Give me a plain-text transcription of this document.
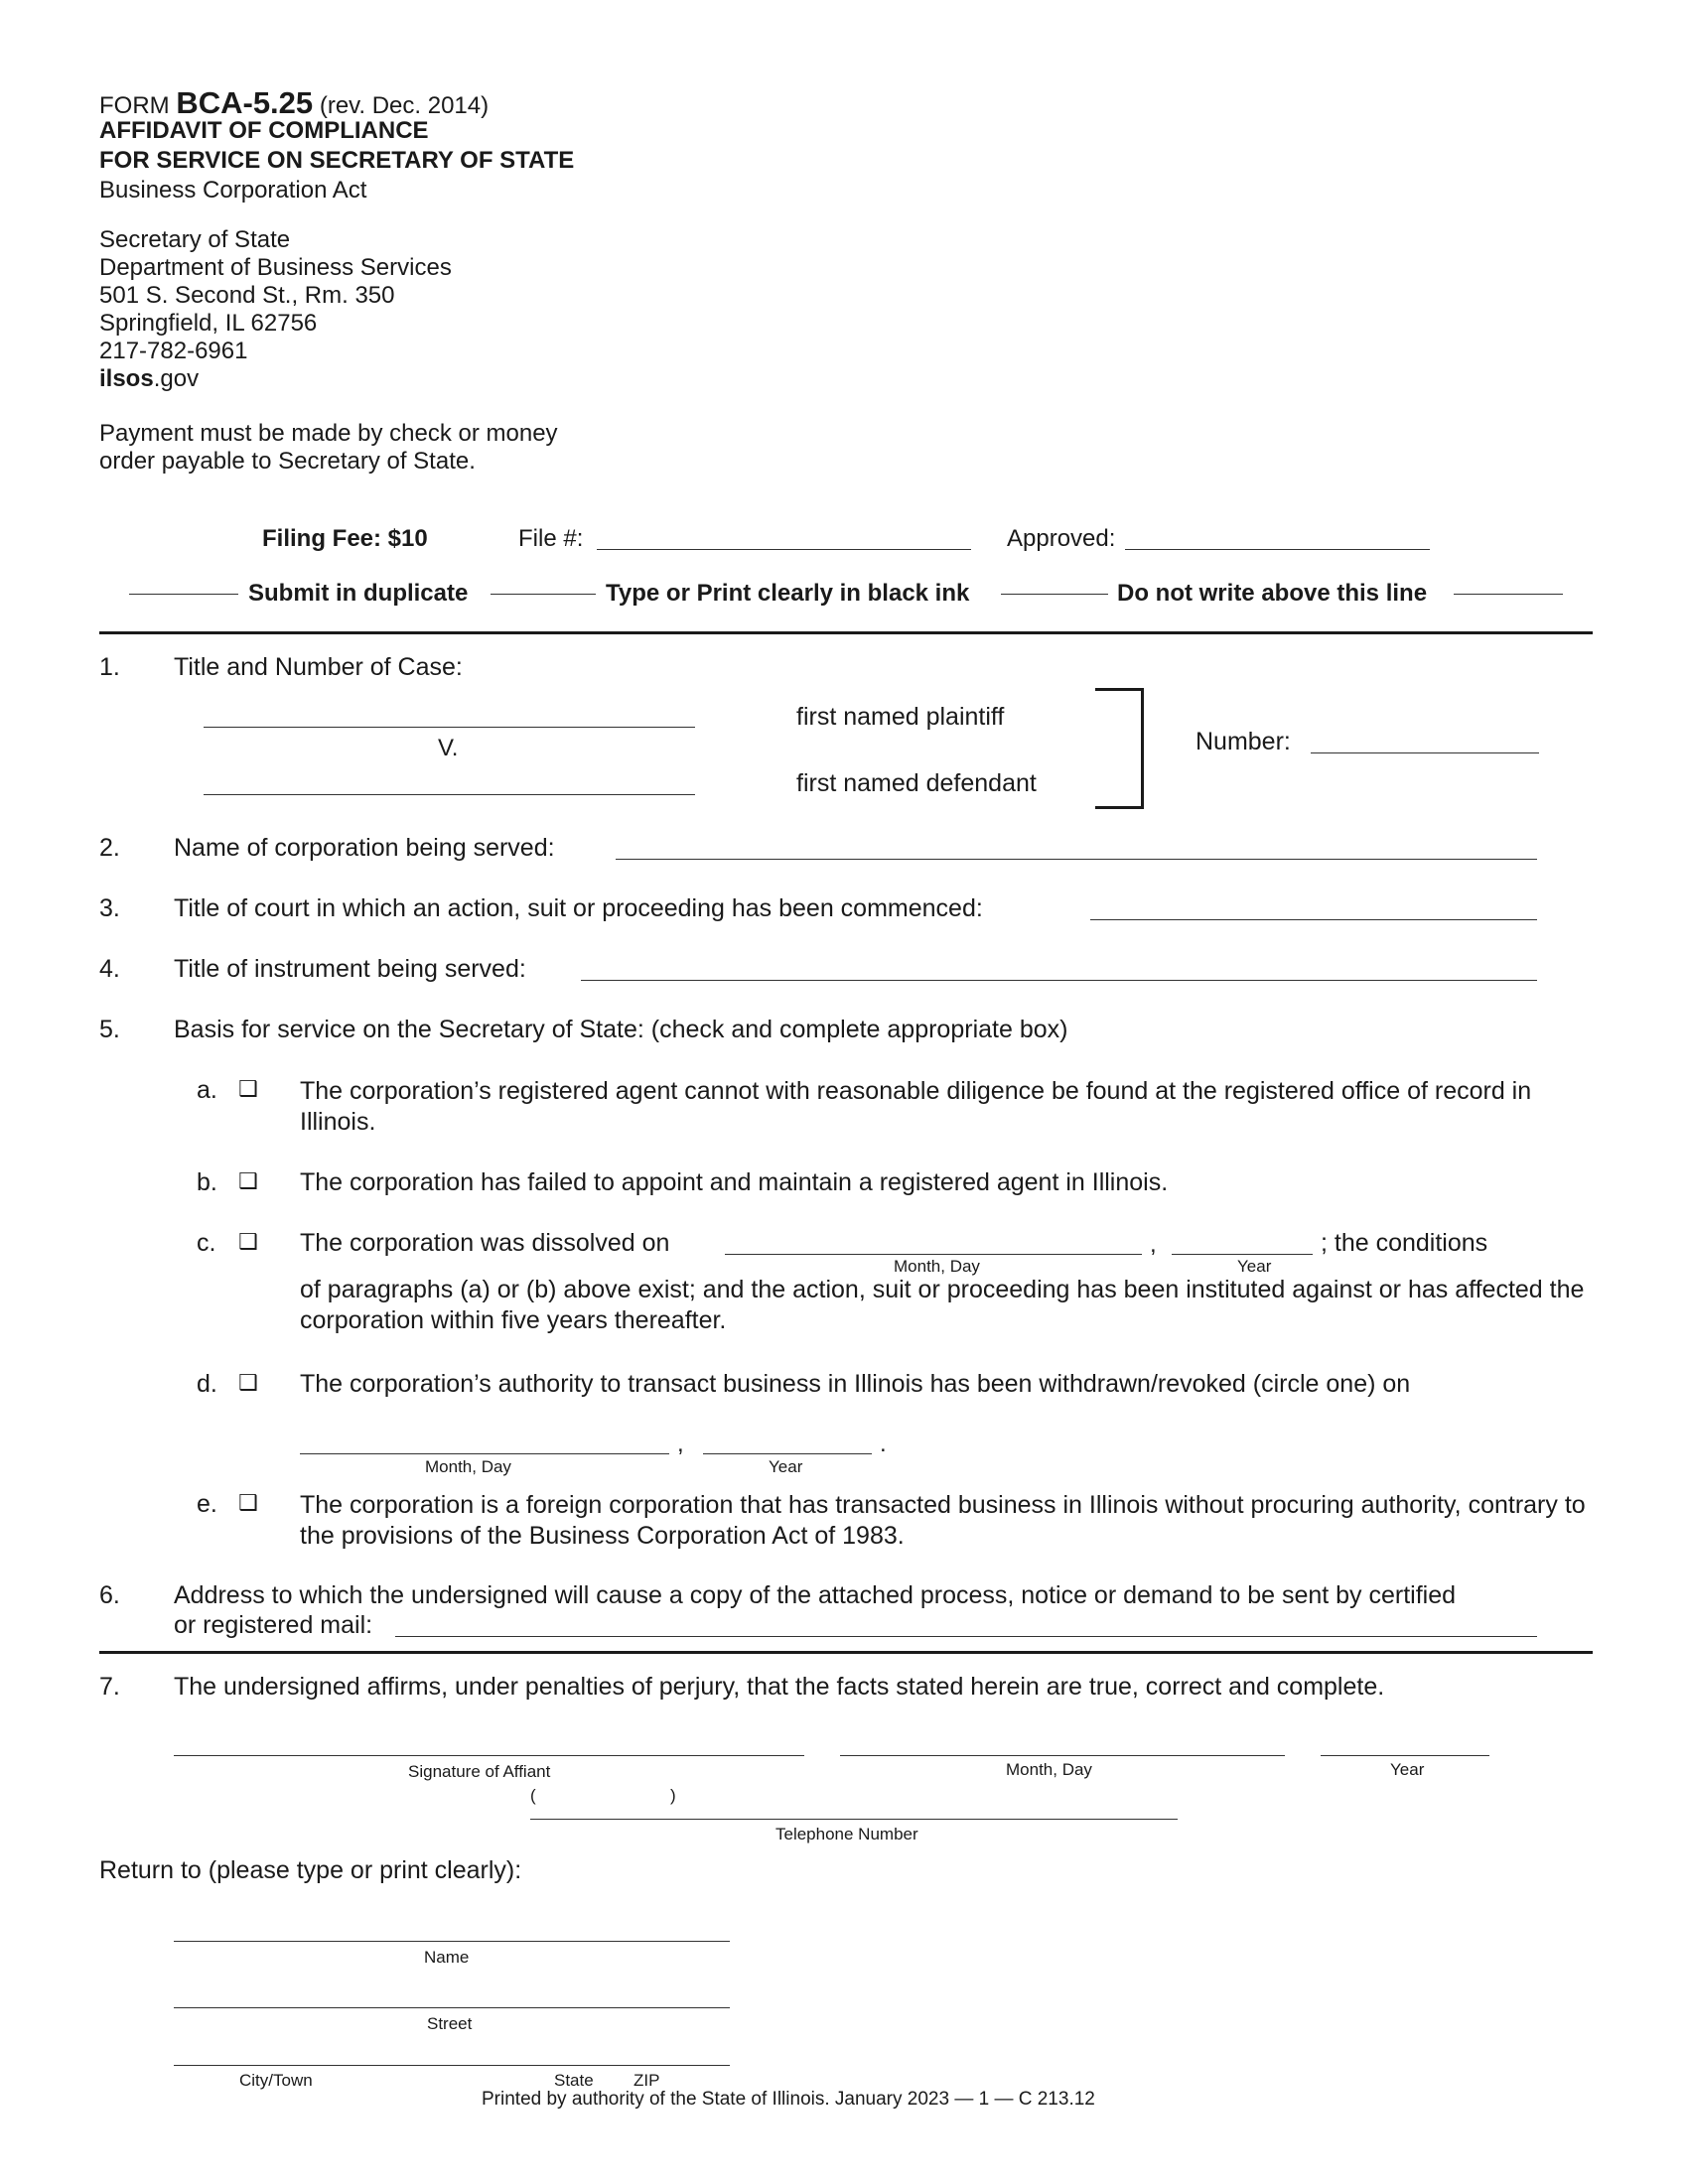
FORM BCA-5.25 (rev. Dec. 2014)
AFFIDAVIT OF COMPLIANCE
FOR SERVICE ON SECRETARY OF STATE
Business Corporation Act
Secretary of State
Department of Business Services
501 S. Second St., Rm. 350
Springfield, IL 62756
217-782-6961
ilsos.gov
Payment must be made by check or money
order payable to Secretary of State.
Filing Fee: $10	File #:	Approved:
Submit in duplicate	Type or Print clearly in black ink	Do not write above this line
1. Title and Number of Case:
V.
first named plaintiff
first named defendant
Number:
2. Name of corporation being served:
3. Title of court in which an action, suit or proceeding has been commenced:
4. Title of instrument being served:
5. Basis for service on the Secretary of State: (check and complete appropriate box)
a. ❑ The corporation’s registered agent cannot with reasonable diligence be found at the registered office of record in Illinois.
b. ❑ The corporation has failed to appoint and maintain a registered agent in Illinois.
c. ❑ The corporation was dissolved on	,	; the conditions
Month, Day	Year
of paragraphs (a) or (b) above exist; and the action, suit or proceeding has been instituted against or has affected the corporation within five years thereafter.
d. ❑ The corporation’s authority to transact business in Illinois has been withdrawn/revoked (circle one) on
,	.
Month, Day	Year
e. ❑ The corporation is a foreign corporation that has transacted business in Illinois without procuring authority, contrary to the provisions of the Business Corporation Act of 1983.
6. Address to which the undersigned will cause a copy of the attached process, notice or demand to be sent by certified
or registered mail:
7. The undersigned affirms, under penalties of perjury, that the facts stated herein are true, correct and complete.
Signature of Affiant	Month, Day	Year
(	)
Telephone Number
Return to (please type or print clearly):
Name
Street
City/Town	State ZIP
Printed by authority of the State of Illinois. January 2023 — 1 — C 213.12
